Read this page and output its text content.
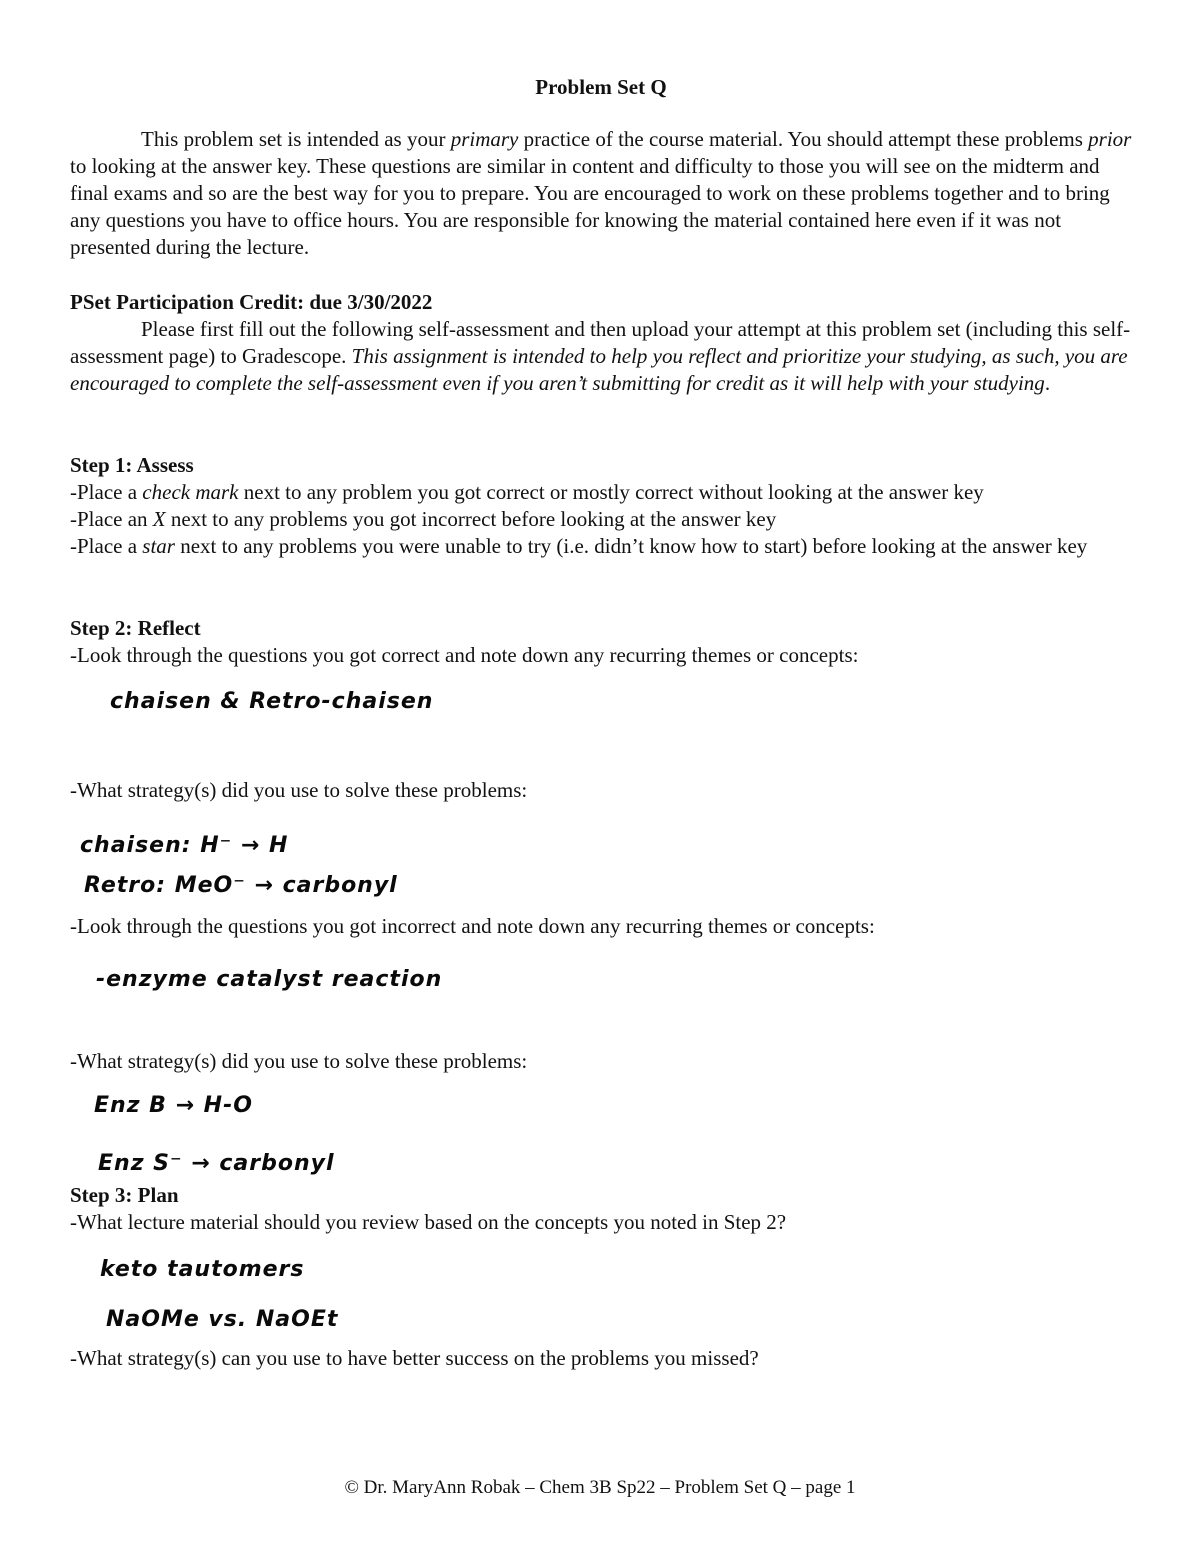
Problem Set Q

This problem set is intended as your primary practice of the course material. You should attempt these problems prior to looking at the answer key. These questions are similar in content and difficulty to those you will see on the midterm and final exams and so are the best way for you to prepare. You are encouraged to work on these problems together and to bring any questions you have to office hours. You are responsible for knowing the material contained here even if it was not presented during the lecture.

PSet Participation Credit: due 3/30/2022

Please first fill out the following self-assessment and then upload your attempt at this problem set (including this self-assessment page) to Gradescope. This assignment is intended to help you reflect and prioritize your studying, as such, you are encouraged to complete the self-assessment even if you aren’t submitting for credit as it will help with your studying.

Step 1: Assess
-Place a check mark next to any problem you got correct or mostly correct without looking at the answer key
-Place an X next to any problems you got incorrect before looking at the answer key

-Place a star next to any problems you were unable to try (i.e. didn’t know how to start) before looking at the answer key

Step 2: Reflect
-Look through the questions you got correct and note down any recurring themes or concepts:
chaisen & Retro-chaisen
-What strategy(s) did you use to solve these problems:
chaisen: H⁻ → H
Retro: MeO⁻ → carbonyl
-Look through the questions you got incorrect and note down any recurring themes or concepts:
-enzyme catalyst reaction
-What strategy(s) did you use to solve these problems:
Enz B → H-O
Enz S⁻ → carbonyl
Step 3: Plan
-What lecture material should you review based on the concepts you noted in Step 2?
keto tautomers
NaOMe vs. NaOEt
-What strategy(s) can you use to have better success on the problems you missed?
© Dr. MaryAnn Robak – Chem 3B Sp22 – Problem Set Q – page 1
